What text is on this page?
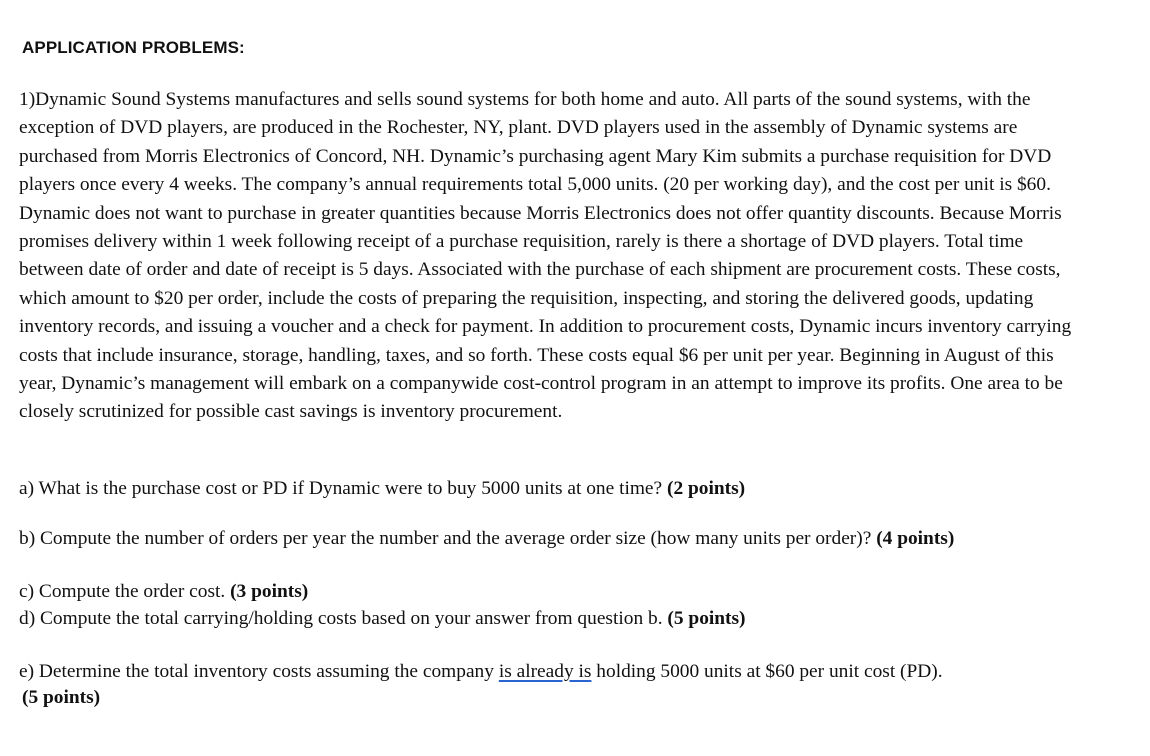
APPLICATION PROBLEMS:
1)Dynamic Sound Systems manufactures and sells sound systems for both home and auto. All parts of the sound systems, with the exception of DVD players, are produced in the Rochester, NY, plant. DVD players used in the assembly of Dynamic systems are purchased from Morris Electronics of Concord, NH. Dynamic’s purchasing agent Mary Kim submits a purchase requisition for DVD players once every 4 weeks. The company’s annual requirements total 5,000 units. (20 per working day), and the cost per unit is $60. Dynamic does not want to purchase in greater quantities because Morris Electronics does not offer quantity discounts. Because Morris promises delivery within 1 week following receipt of a purchase requisition, rarely is there a shortage of DVD players. Total time between date of order and date of receipt is 5 days. Associated with the purchase of each shipment are procurement costs. These costs, which amount to $20 per order, include the costs of preparing the requisition, inspecting, and storing the delivered goods, updating inventory records, and issuing a voucher and a check for payment. In addition to procurement costs, Dynamic incurs inventory carrying costs that include insurance, storage, handling, taxes, and so forth. These costs equal $6 per unit per year. Beginning in August of this year, Dynamic’s management will embark on a companywide cost-control program in an attempt to improve its profits. One area to be closely scrutinized for possible cast savings is inventory procurement.
a) What is the purchase cost or PD if Dynamic were to buy 5000 units at one time? (2 points)
b) Compute the number of orders per year the number and the average order size (how many units per order)? (4 points)
c) Compute the order cost. (3 points)
d) Compute the total carrying/holding costs based on your answer from question b. (5 points)
e) Determine the total inventory costs assuming the company is already is holding 5000 units at $60 per unit cost (PD).
(5 points)
